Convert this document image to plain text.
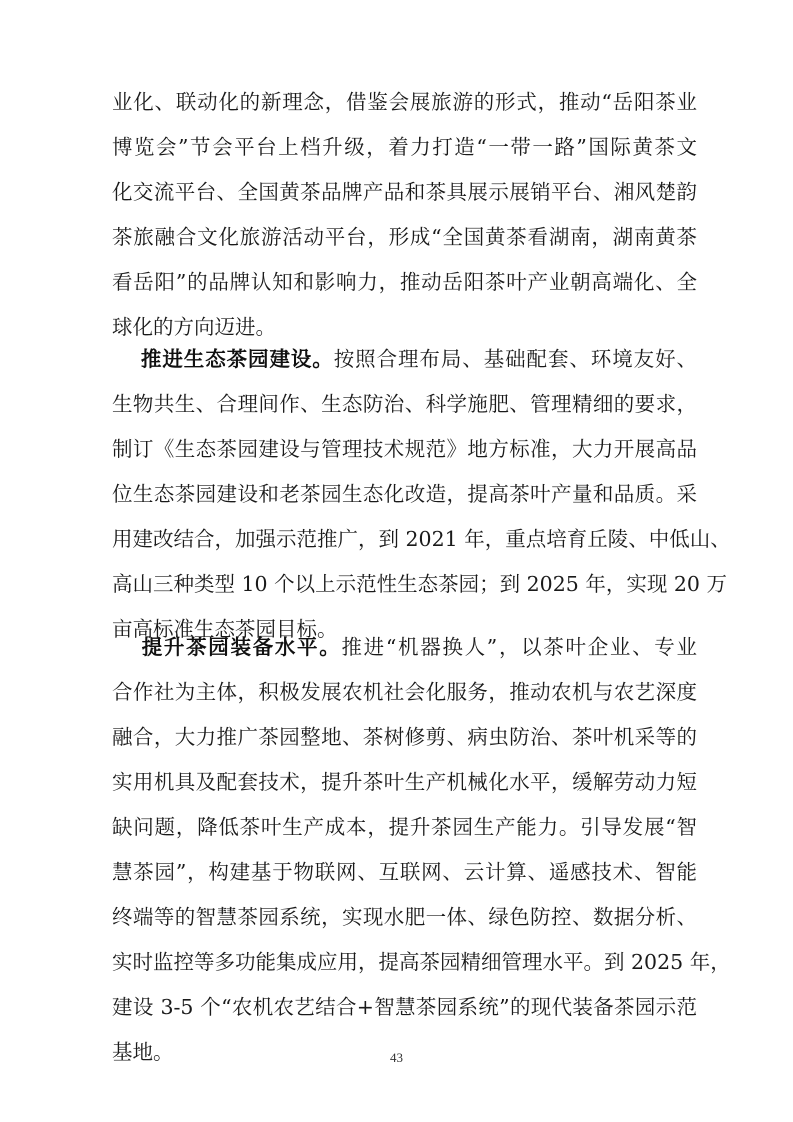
业化、联动化的新理念，借鉴会展旅游的形式，推动“岳阳茶业
博览会”节会平台上档升级，着力打造“一带一路”国际黄茶文
化交流平台、全国黄茶品牌产品和茶具展示展销平台、湘风楚韵
茶旅融合文化旅游活动平台，形成“全国黄茶看湖南，湖南黄茶
看岳阳”的品牌认知和影响力，推动岳阳茶叶产业朝高端化、全
球化的方向迈进。
推进生态茶园建设。按照合理布局、基础配套、环境友好、
生物共生、合理间作、生态防治、科学施肥、管理精细的要求，
制订《生态茶园建设与管理技术规范》地方标准，大力开展高品
位生态茶园建设和老茶园生态化改造，提高茶叶产量和品质。采
用建改结合，加强示范推广，到 2021 年，重点培育丘陵、中低山、
高山三种类型 10 个以上示范性生态茶园；到 2025 年，实现 20 万
亩高标准生态茶园目标。
提升茶园装备水平。推进“机器换人”，以茶叶企业、专业
合作社为主体，积极发展农机社会化服务，推动农机与农艺深度
融合，大力推广茶园整地、茶树修剪、病虫防治、茶叶机采等的
实用机具及配套技术，提升茶叶生产机械化水平，缓解劳动力短
缺问题，降低茶叶生产成本，提升茶园生产能力。引导发展“智
慧茶园”，构建基于物联网、互联网、云计算、遥感技术、智能
终端等的智慧茶园系统，实现水肥一体、绿色防控、数据分析、
实时监控等多功能集成应用，提高茶园精细管理水平。到 2025 年，
建设 3-5 个“农机农艺结合+智慧茶园系统”的现代装备茶园示范
基地。	43
